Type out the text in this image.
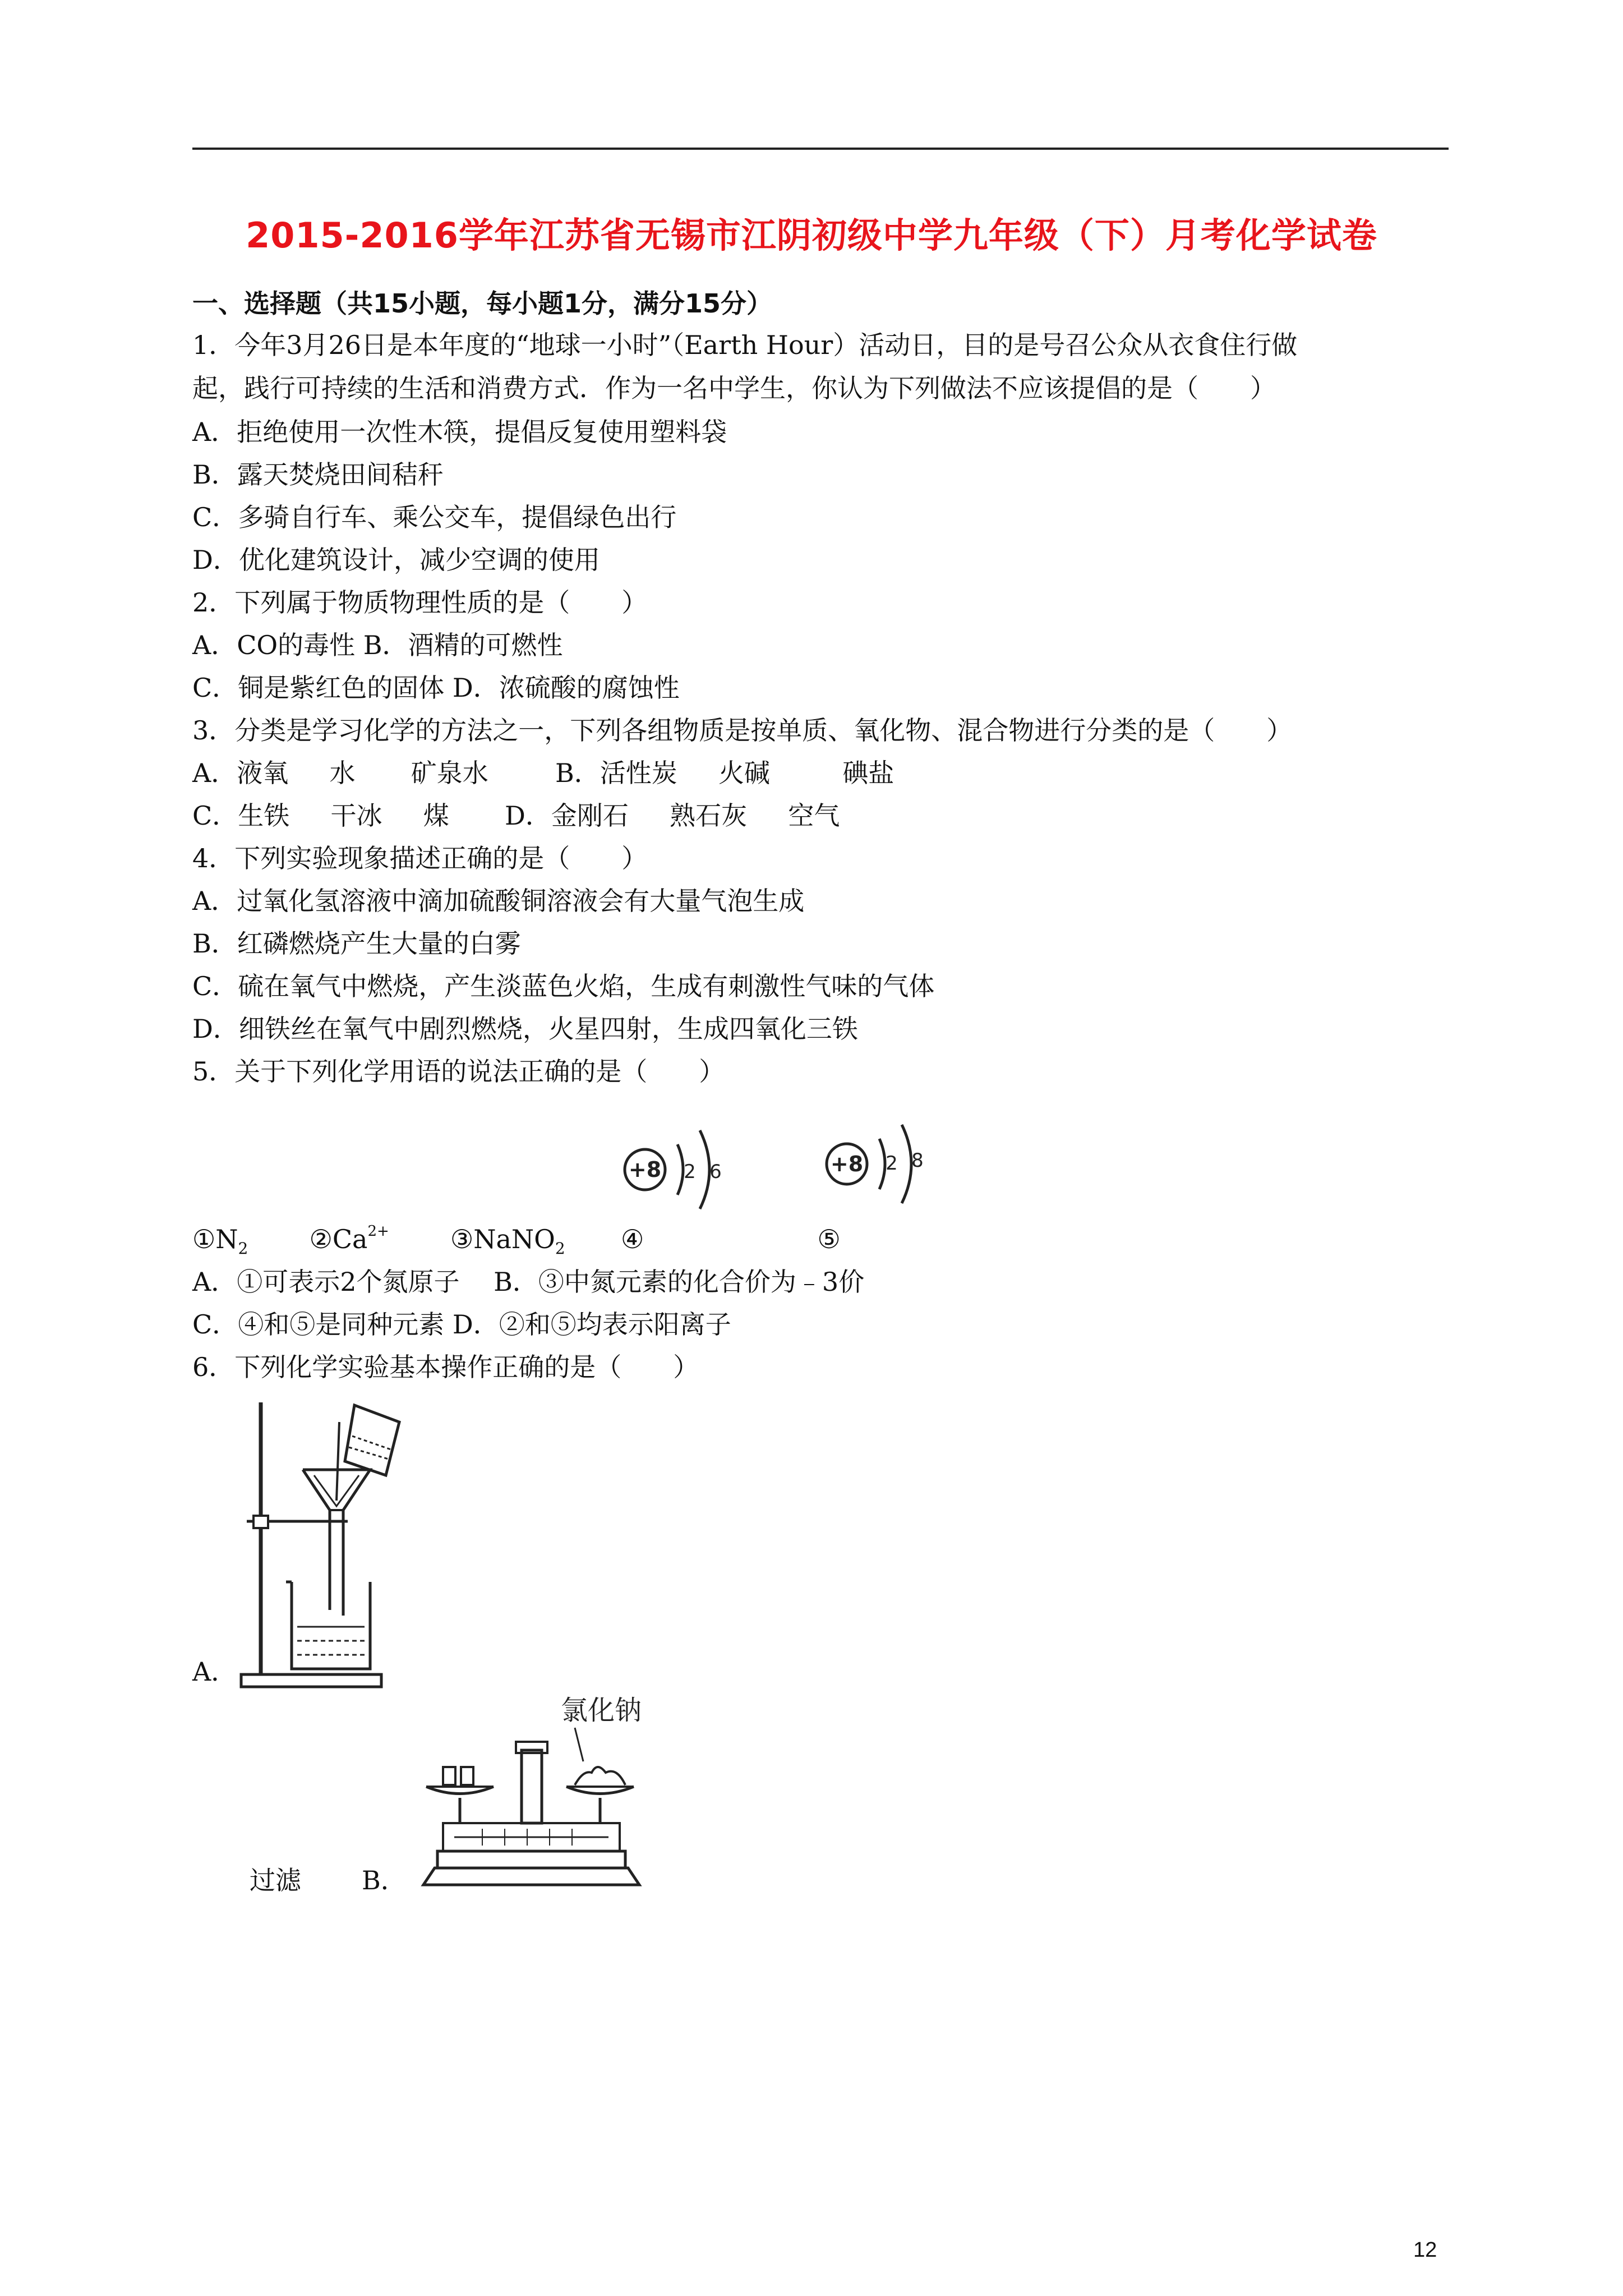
2015-2016学年江苏省无锡市江阴初级中学九年级（下）月考化学试卷
一、选择题（共15小题，每小题1分，满分15分）
1．今年3月26日是本年度的“地球一小时”（Earth Hour）活动日，目的是号召公众从衣食住行做
起，践行可持续的生活和消费方式．作为一名中学生，你认为下列做法不应该提倡的是（　　）
A．拒绝使用一次性木筷，提倡反复使用塑料袋
B．露天焚烧田间秸秆
C．多骑自行车、乘公交车，提倡绿色出行
D．优化建筑设计，减少空调的使用
2．下列属于物质物理性质的是（　　）
A．CO的毒性 B．酒精的可燃性
C．铜是紫红色的固体 D．浓硫酸的腐蚀性
3．分类是学习化学的方法之一，下列各组物质是按单质、氧化物、混合物进行分类的是（　　）
A．液氧 水 矿泉水	B．活性炭 火碱	碘盐
C．生铁 干冰 煤 D．金刚石 熟石灰 空气
4．下列实验现象描述正确的是（　　）
A．过氧化氢溶液中滴加硫酸铜溶液会有大量气泡生成
B．红磷燃烧产生大量的白雾
C．硫在氧气中燃烧，产生淡蓝色火焰，生成有刺激性气味的气体
D．细铁丝在氧气中剧烈燃烧，火星四射，生成四氧化三铁
5．关于下列化学用语的说法正确的是（　　）
+8 2 6	+8 2 8
$①N_2$ $②Ca^{2+}$ ③NaNO$_2$ ④	⑤
A．①可表示2个氮原子　 B．③中氮元素的化合价为﹣3价
C．④和⑤是同种元素 D．②和⑤均表示阳离子
6．下列化学实验基本操作正确的是（　　）
A．
氯化钠
过滤 B．
12
